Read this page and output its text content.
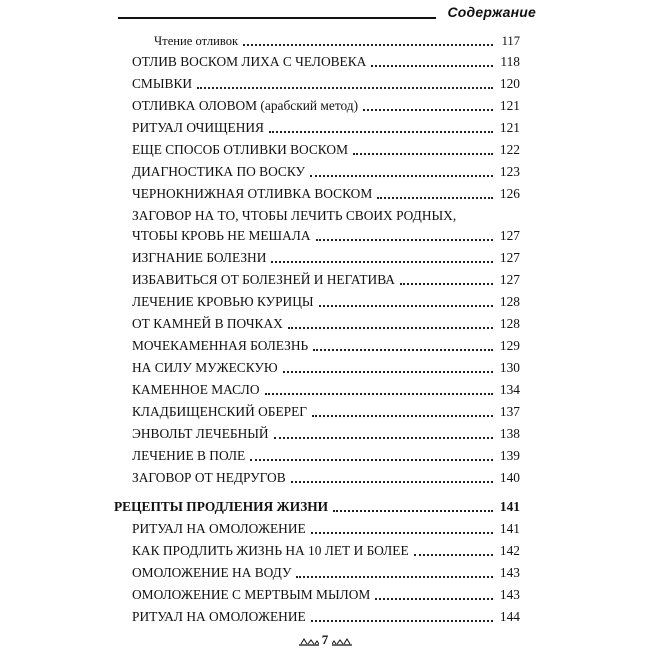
Содержание
Чтение отливок	117
ОТЛИВ ВОСКОМ ЛИХА С ЧЕЛОВЕКА	118
СМЫВКИ	120
ОТЛИВКА ОЛОВОМ (арабский метод)	121
РИТУАЛ ОЧИЩЕНИЯ	121
ЕЩЕ СПОСОБ ОТЛИВКИ ВОСКОМ	122
ДИАГНОСТИКА ПО ВОСКУ	123
ЧЕРНОКНИЖНАЯ ОТЛИВКА ВОСКОМ	126
ЗАГОВОР НА ТО, ЧТОБЫ ЛЕЧИТЬ СВОИХ РОДНЫХ,
ЧТОБЫ КРОВЬ НЕ МЕШАЛА	127
ИЗГНАНИЕ БОЛЕЗНИ	127
ИЗБАВИТЬСЯ ОТ БОЛЕЗНЕЙ И НЕГАТИВА	127
ЛЕЧЕНИЕ КРОВЬЮ КУРИЦЫ	128
ОТ КАМНЕЙ В ПОЧКАХ	128
МОЧЕКАМЕННАЯ БОЛЕЗНЬ	129
НА СИЛУ МУЖЕСКУЮ	130
КАМЕННОЕ МАСЛО	134
КЛАДБИЩЕНСКИЙ ОБЕРЕГ	137
ЭНВОЛЬТ ЛЕЧЕБНЫЙ	138
ЛЕЧЕНИЕ В ПОЛЕ	139
ЗАГОВОР ОТ НЕДРУГОВ	140
РЕЦЕПТЫ ПРОДЛЕНИЯ ЖИЗНИ	141
РИТУАЛ НА ОМОЛОЖЕНИЕ	141
КАК ПРОДЛИТЬ ЖИЗНЬ НА 10 ЛЕТ И БОЛЕЕ	142
ОМОЛОЖЕНИЕ НА ВОДУ	143
ОМОЛОЖЕНИЕ С МЕРТВЫМ МЫЛОМ	143
РИТУАЛ НА ОМОЛОЖЕНИЕ	144
7
